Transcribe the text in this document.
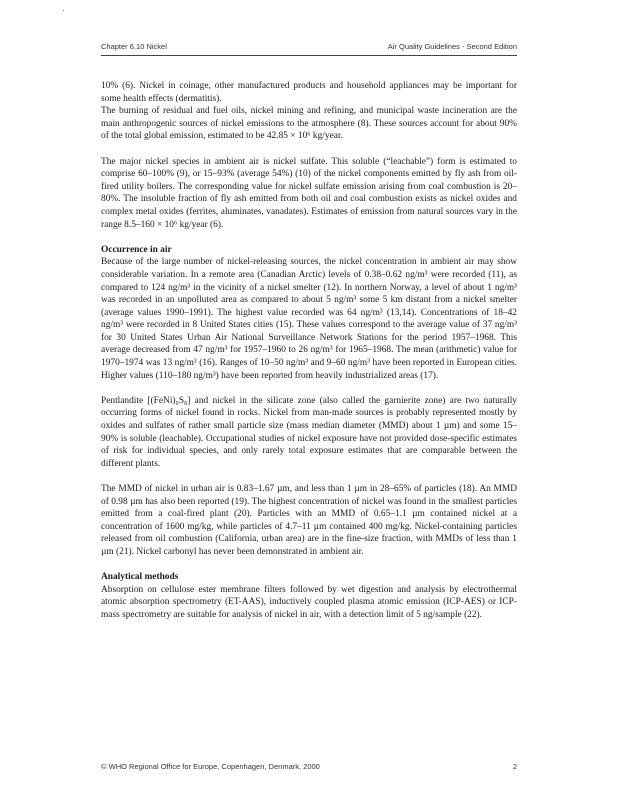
Chapter 6.10 Nickel	Air Quality Guidelines - Second Edition

10% (6). Nickel in coinage, other manufactured products and household appliances may be important for some health effects (dermatitis).

The burning of residual and fuel oils, nickel mining and refining, and municipal waste incineration are the main anthropogenic sources of nickel emissions to the atmosphere (8). These sources account for about 90% of the total global emission, estimated to be 42.85 × 10⁶ kg/year.

The major nickel species in ambient air is nickel sulfate. This soluble (“leachable”) form is estimated to comprise 60–100% (9), or 15–93% (average 54%) (10) of the nickel components emitted by fly ash from oil-fired utility boilers. The corresponding value for nickel sulfate emission arising from coal combustion is 20–80%. The insoluble fraction of fly ash emitted from both oil and coal combustion exists as nickel oxides and complex metal oxides (ferrites, aluminates, vanadates). Estimates of emission from natural sources vary in the range 8.5–160 × 10⁶ kg/year (6).

Occurrence in air

Because of the large number of nickel-releasing sources, the nickel concentration in ambient air may show considerable variation. In a remote area (Canadian Arctic) levels of 0.38–0.62 ng/m³ were recorded (11), as compared to 124 ng/m³ in the vicinity of a nickel smelter (12). In northern Norway, a level of about 1 ng/m³ was recorded in an unpolluted area as compared to about 5 ng/m³ some 5 km distant from a nickel smelter (average values 1990–1991). The highest value recorded was 64 ng/m³ (13,14). Concentrations of 18–42 ng/m³ were recorded in 8 United States cities (15). These values correspond to the average value of 37 ng/m³ for 30 United States Urban Air National Surveillance Network Stations for the period 1957–1968. This average decreased from 47 ng/m³ for 1957–1960 to 26 ng/m³ for 1965–1968. The mean (arithmetic) value for 1970–1974 was 13 ng/m³ (16). Ranges of 10–50 ng/m³ and 9–60 ng/m³ have been reported in European cities. Higher values (110–180 ng/m³) have been reported from heavily industrialized areas (17).

Pentlandite [(FeNi)₉S₈] and nickel in the silicate zone (also called the garnierite zone) are two naturally occurring forms of nickel found in rocks. Nickel from man-made sources is probably represented mostly by oxides and sulfates of rather small particle size (mass median diameter (MMD) about 1 µm) and some 15–90% is soluble (leachable). Occupational studies of nickel exposure have not provided dose-specific estimates of risk for individual species, and only rarely total exposure estimates that are comparable between the different plants.

The MMD of nickel in urban air is 0.83–1.67 µm, and less than 1 µm in 28–65% of particles (18). An MMD of 0.98 µm has also been reported (19). The highest concentration of nickel was found in the smallest particles emitted from a coal-fired plant (20). Particles with an MMD of 0.65–1.1 µm contained nickel at a concentration of 1600 mg/kg, while particles of 4.7–11 µm contained 400 mg/kg. Nickel-containing particles released from oil combustion (California, urban area) are in the fine-size fraction, with MMDs of less than 1 µm (21). Nickel carbonyl has never been demonstrated in ambient air.

Analytical methods

Absorption on cellulose ester membrane filters followed by wet digestion and analysis by electrothermal atomic absorption spectrometry (ET-AAS), inductively coupled plasma atomic emission (ICP-AES) or ICP-mass spectrometry are suitable for analysis of nickel in air, with a detection limit of 5 ng/sample (22).

© WHO Regional Office for Europe, Copenhagen, Denmark, 2000	2
